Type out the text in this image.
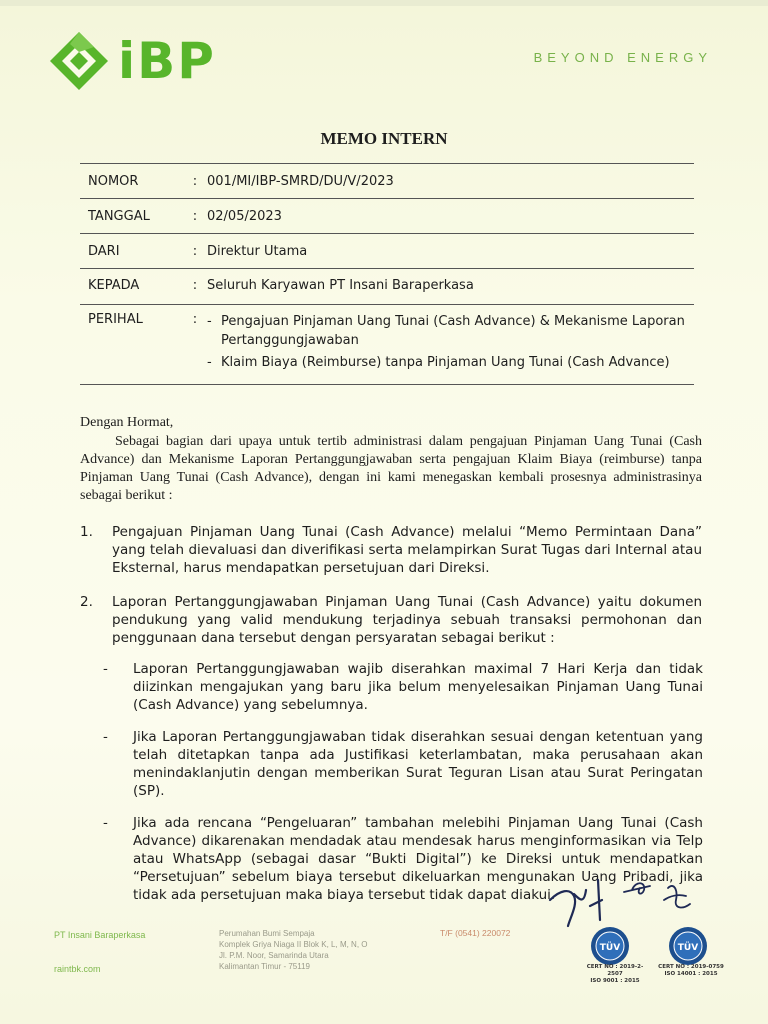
iBP	BEYOND ENERGY
MEMO INTERN
NOMOR	: 001/MI/IBP-SMRD/DU/V/2023
TANGGAL	: 02/05/2023
DARI	: Direktur Utama
KEPADA	: Seluruh Karyawan PT Insani Baraperkasa
PERIHAL	: - Pengajuan Pinjaman Uang Tunai (Cash Advance) & Mekanisme Laporan
Pertanggungjawaban
- Klaim Biaya (Reimburse) tanpa Pinjaman Uang Tunai (Cash Advance)
Dengan Hormat,
Sebagai bagian dari upaya untuk tertib administrasi dalam pengajuan Pinjaman Uang Tunai (Cash Advance) dan Mekanisme Laporan Pertanggungjawaban serta pengajuan Klaim Biaya (reimburse) tanpa Pinjaman Uang Tunai (Cash Advance), dengan ini kami menegaskan kembali prosesnya administrasinya sebagai berikut :
1.	Pengajuan Pinjaman Uang Tunai (Cash Advance) melalui “Memo Permintaan Dana” yang telah dievaluasi dan diverifikasi serta melampirkan Surat Tugas dari Internal atau Eksternal, harus mendapatkan persetujuan dari Direksi.
2.	Laporan Pertanggungjawaban Pinjaman Uang Tunai (Cash Advance) yaitu dokumen pendukung yang valid mendukung terjadinya sebuah transaksi permohonan dan penggunaan dana tersebut dengan persyaratan sebagai berikut :
-	Laporan Pertanggungjawaban wajib diserahkan maximal 7 Hari Kerja dan tidak diizinkan mengajukan yang baru jika belum menyelesaikan Pinjaman Uang Tunai (Cash Advance) yang sebelumnya.
-	Jika Laporan Pertanggungjawaban tidak diserahkan sesuai dengan ketentuan yang telah ditetapkan tanpa ada Justifikasi keterlambatan, maka perusahaan akan menindaklanjutin dengan memberikan Surat Teguran Lisan atau Surat Peringatan (SP).
-	Jika ada rencana “Pengeluaran” tambahan melebihi Pinjaman Uang Tunai (Cash Advance) dikarenakan mendadak atau mendesak harus menginformasikan via Telp atau WhatsApp (sebagai dasar “Bukti Digital”) ke Direksi untuk mendapatkan “Persetujuan” sebelum biaya tersebut dikeluarkan mengunakan Uang Pribadi, jika tidak ada persetujuan maka biaya tersebut tidak dapat diakui.
PT Insani Baraperkasa
raintbk.com
Perumahan Bumi Sempaja
Komplek Griya Niaga II Blok K, L, M, N, O
Jl. P.M. Noor, Samarinda Utara
Kalimantan Timur - 75119
T/F (0541) 220072
TÜV	TÜV
CERT NO : 2019-2-2507
ISO 9001 : 2015
CERT NO : 2019-0759
ISO 14001 : 2015
